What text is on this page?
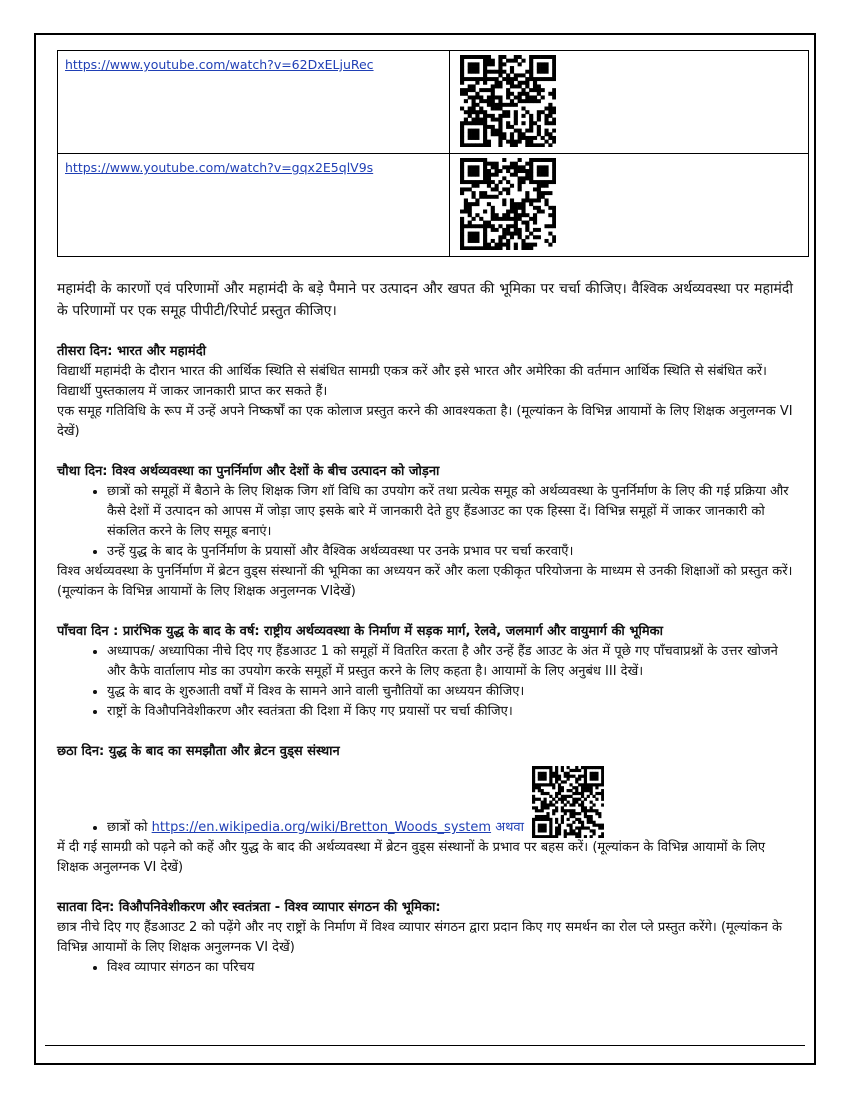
https://www.youtube.com/watch?v=62DxELjuRec	
https://www.youtube.com/watch?v=gqx2E5qlV9s	

महामंदी के कारणों एवं परिणामों और महामंदी के बड़े पैमाने पर उत्पादन और खपत की भूमिका पर चर्चा कीजिए। वैश्विक अर्थव्यवस्था पर महामंदी के परिणामों पर एक समूह पीपीटी/रिपोर्ट प्रस्तुत कीजिए।

तीसरा दिन: भारत और महामंदी

विद्यार्थी महामंदी के दौरान भारत की आर्थिक स्थिति से संबंधित सामग्री एकत्र करें और इसे भारत और अमेरिका की वर्तमान आर्थिक स्थिति से संबंधित करें। विद्यार्थी पुस्तकालय में जाकर जानकारी प्राप्त कर सकते हैं।

एक समूह गतिविधि के रूप में उन्हें अपने निष्कर्षों का एक कोलाज प्रस्तुत करने की आवश्यकता है। (मूल्यांकन के विभिन्न आयामों के लिए शिक्षक अनुलग्नक VI देखें)

चौथा दिन: विश्व अर्थव्यवस्था का पुनर्निर्माण और देशों के बीच उत्पादन को जोड़ना

• छात्रों को समूहों में बैठाने के लिए शिक्षक जिग शॉ विधि का उपयोग करें तथा प्रत्येक समूह को अर्थव्यवस्था के पुनर्निर्माण के लिए की गई प्रक्रिया और कैसे देशों में उत्पादन को आपस में जोड़ा जाए इसके बारे में जानकारी देते हुए हैंडआउट का एक हिस्सा दें। विभिन्न समूहों में जाकर जानकारी को संकलित करने के लिए समूह बनाएं।
• उन्हें युद्ध के बाद के पुनर्निर्माण के प्रयासों और वैश्विक अर्थव्यवस्था पर उनके प्रभाव पर चर्चा करवाएँ।

विश्व अर्थव्यवस्था के पुनर्निर्माण में ब्रेटन वुड्स संस्थानों की भूमिका का अध्ययन करें और कला एकीकृत परियोजना के माध्यम से उनकी शिक्षाओं को प्रस्तुत करें। (मूल्यांकन के विभिन्न आयामों के लिए शिक्षक अनुलग्नक VIदेखें)

पाँचवा दिन : प्रारंभिक युद्ध के बाद के वर्ष: राष्ट्रीय अर्थव्यवस्था के निर्माण में सड़क मार्ग, रेलवे, जलमार्ग और वायुमार्ग की भूमिका

• अध्यापक/ अध्यापिका नीचे दिए गए हैंडआउट 1 को समूहों में वितरित करता है और उन्हें हैंड आउट के अंत में पूछे गए पाँचवाप्रश्नों के उत्तर खोजने और कैफे वार्तालाप मोड का उपयोग करके समूहों में प्रस्तुत करने के लिए कहता है। आयामों के लिए अनुबंध III देखें।
• युद्ध के बाद के शुरुआती वर्षों में विश्व के सामने आने वाली चुनौतियों का अध्ययन कीजिए।
• राष्ट्रों के विऔपनिवेशीकरण और स्वतंत्रता की दिशा में किए गए प्रयासों पर चर्चा कीजिए।

छठा दिन: युद्ध के बाद का समझौता और ब्रेटन वुड्स संस्थान

• छात्रों को https://en.wikipedia.org/wiki/Bretton_Woods_system अथवा

में दी गई सामग्री को पढ़ने को कहें और युद्ध के बाद की अर्थव्यवस्था में ब्रेटन वुड्स संस्थानों के प्रभाव पर बहस करें। (मूल्यांकन के विभिन्न आयामों के लिए शिक्षक अनुलग्नक VI देखें)

सातवा दिन: विऔपनिवेशीकरण और स्वतंत्रता - विश्व व्यापार संगठन की भूमिका:

छात्र नीचे दिए गए हैंडआउट 2 को पढ़ेंगे और नए राष्ट्रों के निर्माण में विश्व व्यापार संगठन द्वारा प्रदान किए गए समर्थन का रोल प्ले प्रस्तुत करेंगे। (मूल्यांकन के विभिन्न आयामों के लिए शिक्षक अनुलग्नक VI देखें)

• विश्व व्यापार संगठन का परिचय
